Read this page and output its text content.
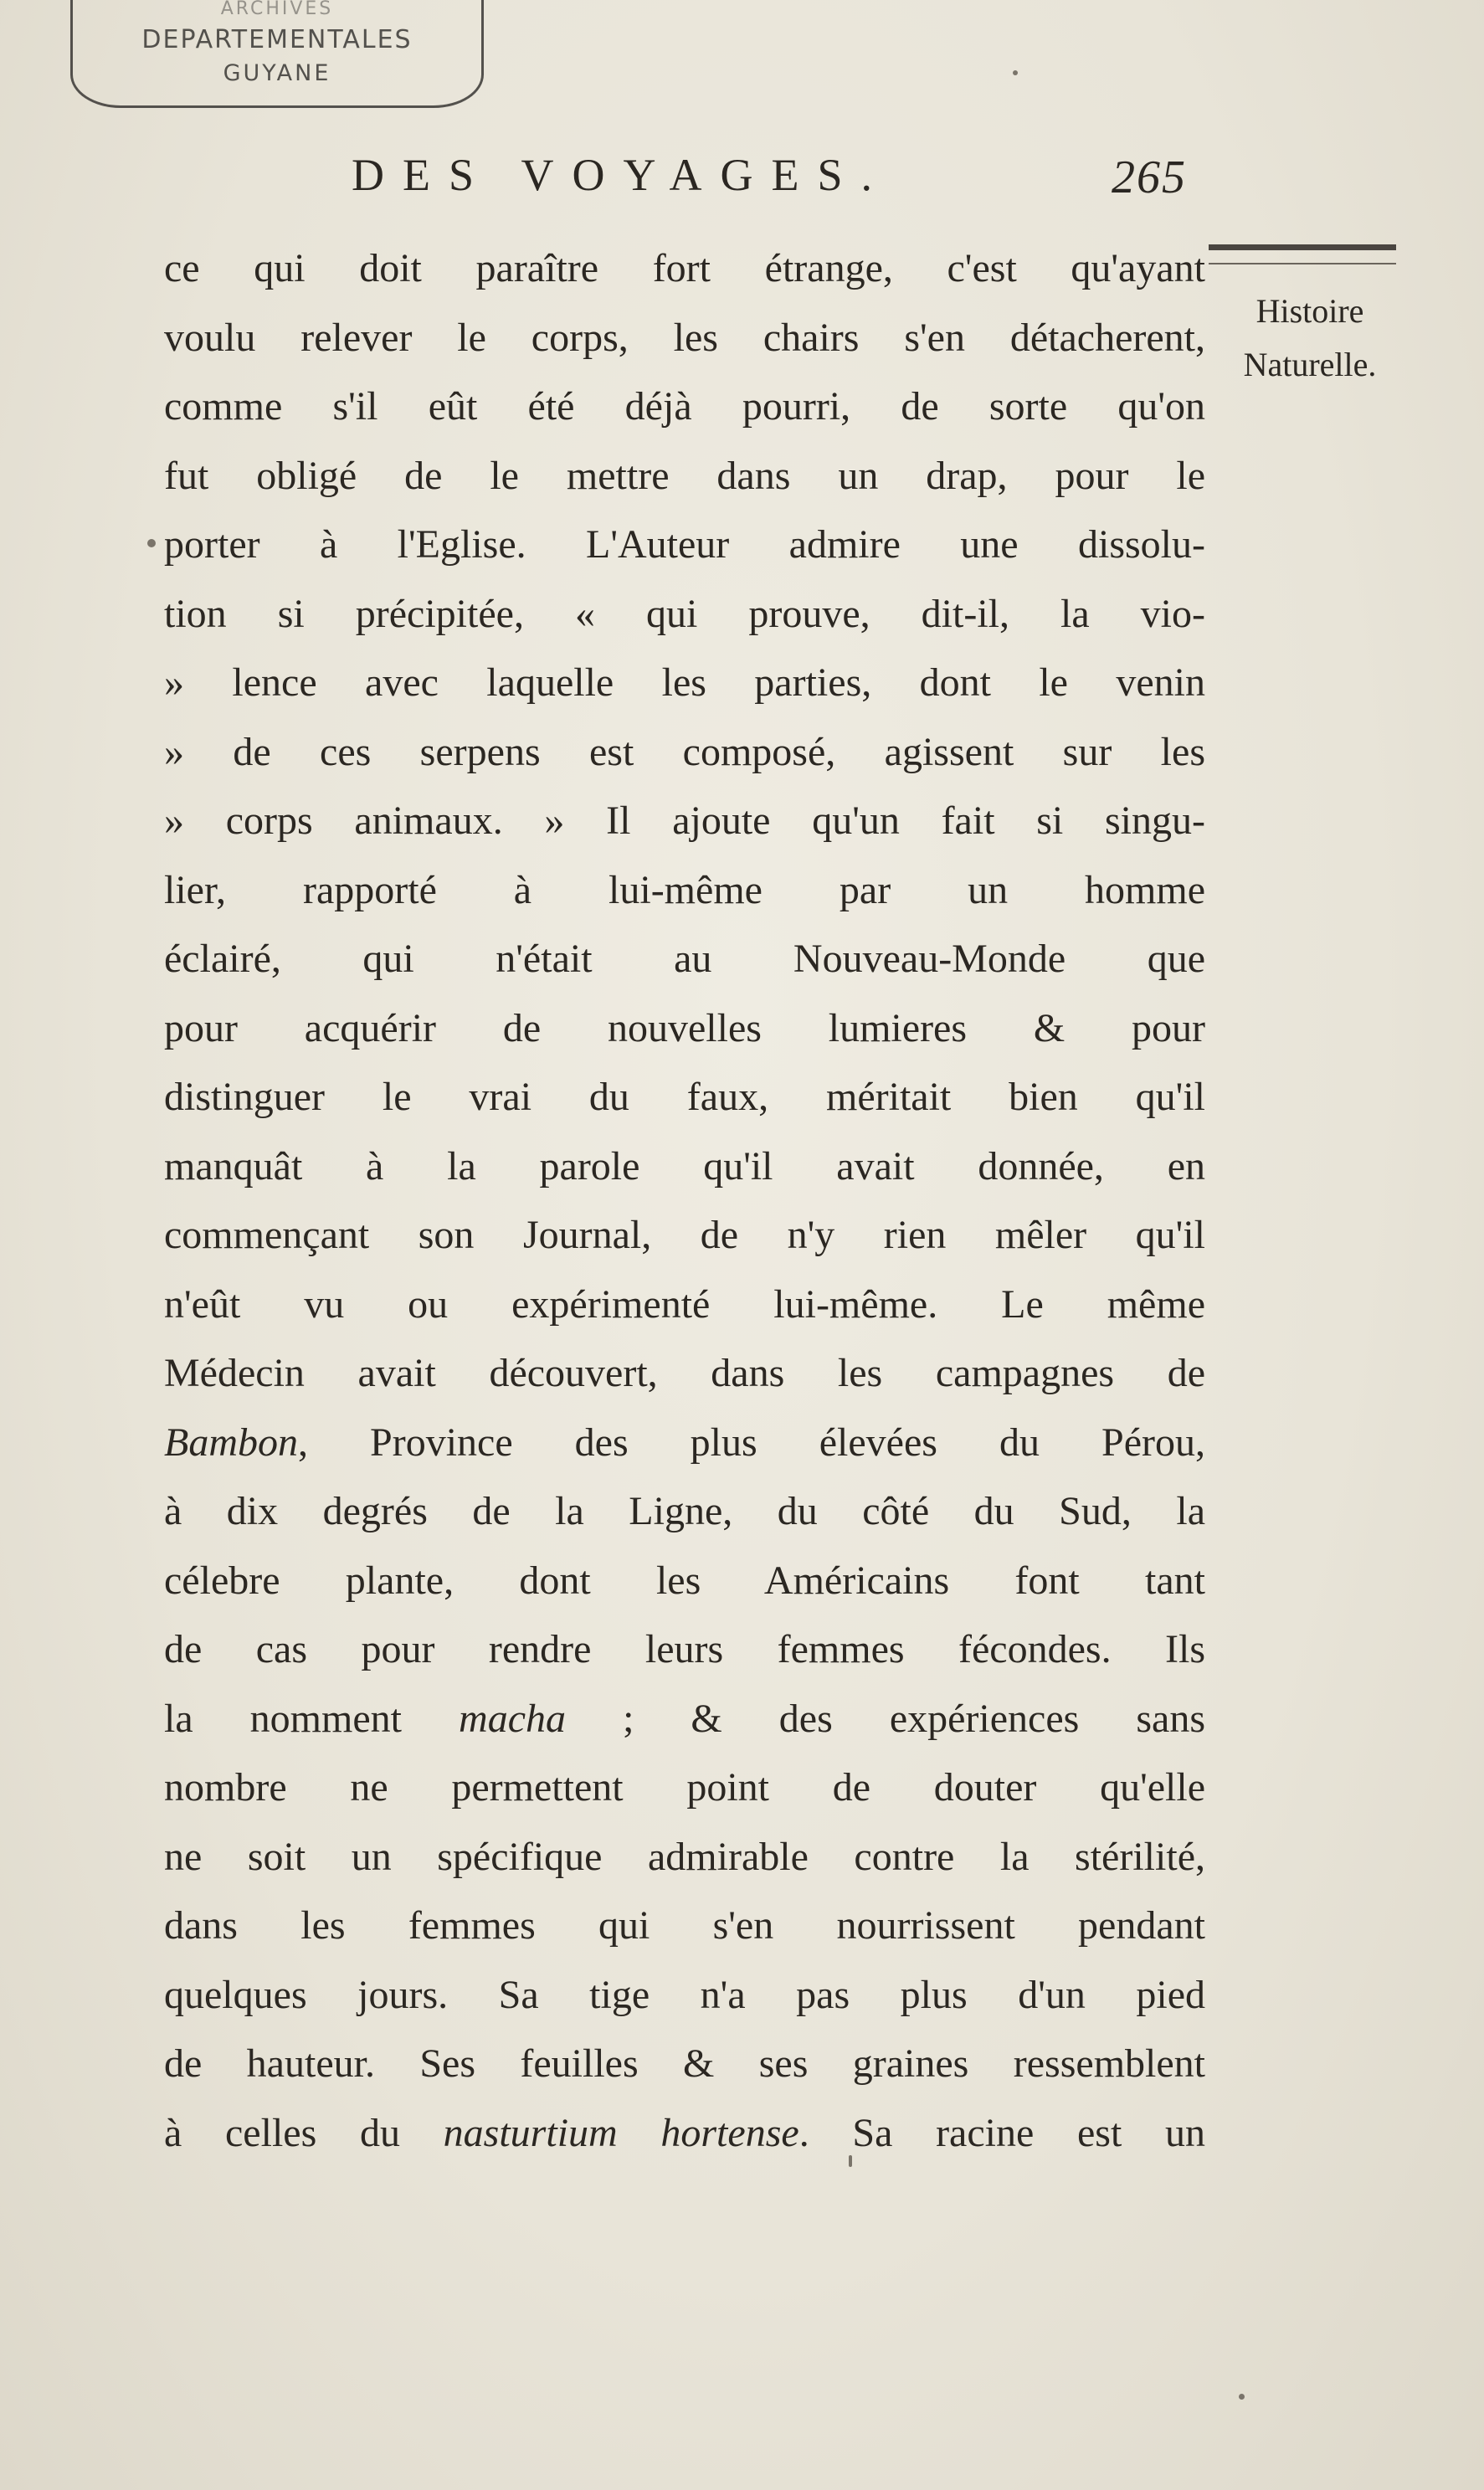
ARCHIVES
DEPARTEMENTALES
GUYANE
DES VOYAGES.	265
Histoire
Naturelle.
ce qui doit paraître fort étrange, c'est qu'ayant
voulu relever le corps, les chairs s'en détacherent,
comme s'il eût été déjà pourri, de sorte qu'on
fut obligé de le mettre dans un drap, pour le
porter à l'Eglise. L'Auteur admire une dissolu-
tion si précipitée, « qui prouve, dit-il, la vio-
» lence avec laquelle les parties, dont le venin
» de ces serpens est composé, agissent sur les
» corps animaux. » Il ajoute qu'un fait si singu-
lier, rapporté à lui-même par un homme
éclairé, qui n'était au Nouveau-Monde que
pour acquérir de nouvelles lumieres & pour
distinguer le vrai du faux, méritait bien qu'il
manquât à la parole qu'il avait donnée, en
commençant son Journal, de n'y rien mêler qu'il
n'eût vu ou expérimenté lui-même. Le même
Médecin avait découvert, dans les campagnes de
Bambon, Province des plus élevées du Pérou,
à dix degrés de la Ligne, du côté du Sud, la
célebre plante, dont les Américains font tant
de cas pour rendre leurs femmes fécondes. Ils
la nomment macha ; & des expériences sans
nombre ne permettent point de douter qu'elle
ne soit un spécifique admirable contre la stérilité,
dans les femmes qui s'en nourrissent pendant
quelques jours. Sa tige n'a pas plus d'un pied
de hauteur. Ses feuilles & ses graines ressemblent
à celles du nasturtium hortense. Sa racine est un
